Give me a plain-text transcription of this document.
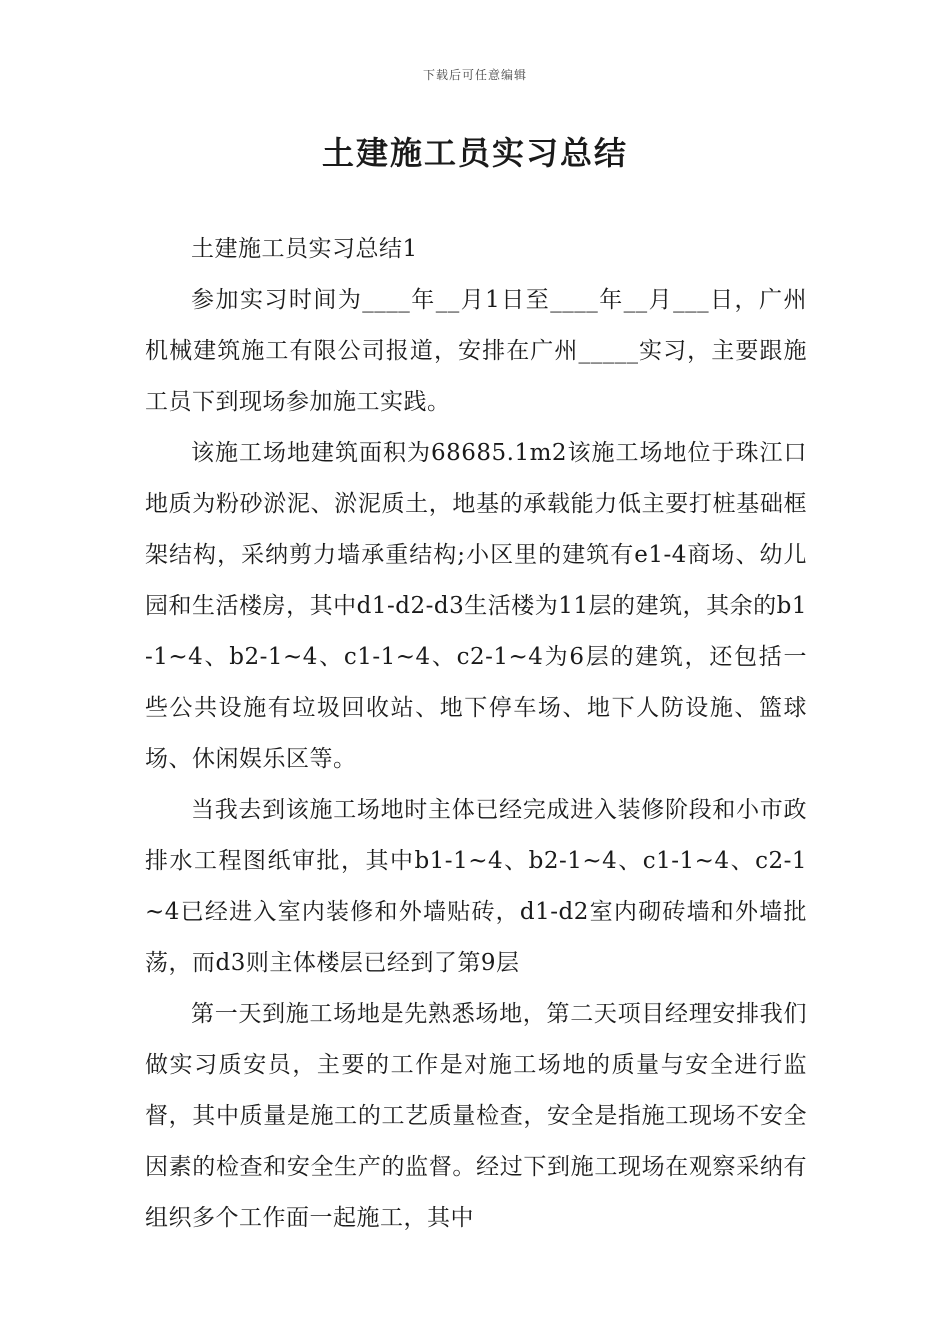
下载后可任意编辑
土建施工员实习总结

土建施工员实习总结1

参加实习时间为____年__月1日至____年__月___日，广州机械建筑施工有限公司报道，安排在广州_____实习，主要跟施工员下到现场参加施工实践。

该施工场地建筑面积为68685.1m2该施工场地位于珠江口地质为粉砂淤泥、淤泥质土，地基的承载能力低主要打桩基础框架结构，采纳剪力墙承重结构;小区里的建筑有e1-4商场、幼儿园和生活楼房，其中d1-d2-d3生活楼为11层的建筑，其余的b1-1~4、b2-1~4、c1-1~4、c2-1~4为6层的建筑，还包括一些公共设施有垃圾回收站、地下停车场、地下人防设施、篮球场、休闲娱乐区等。

当我去到该施工场地时主体已经完成进入装修阶段和小市政排水工程图纸审批，其中b1-1~4、b2-1~4、c1-1~4、c2-1~4已经进入室内装修和外墙贴砖，d1-d2室内砌砖墙和外墙批荡，而d3则主体楼层已经到了第9层

第一天到施工场地是先熟悉场地，第二天项目经理安排我们做实习质安员，主要的工作是对施工场地的质量与安全进行监督，其中质量是施工的工艺质量检查，安全是指施工现场不安全因素的检查和安全生产的监督。经过下到施工现场在观察采纳有组织多个工作面一起施工，其中
